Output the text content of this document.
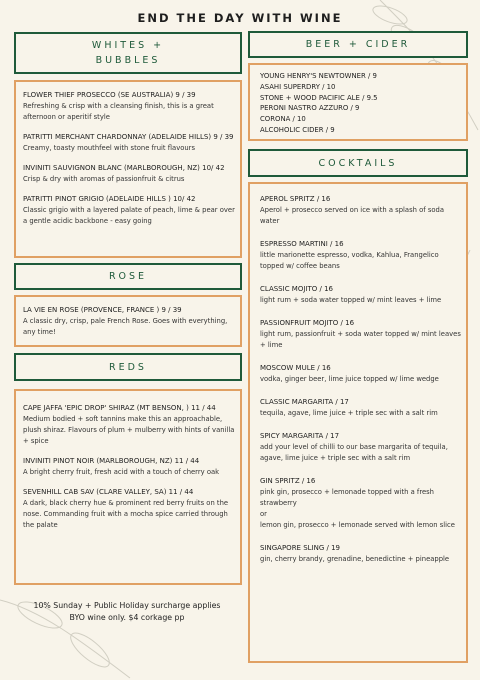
END THE DAY WITH WINE
WHITES +
BUBBLES
FLOWER THIEF PROSECCO (SE AUSTRALIA) 9 / 39
Refreshing & crisp with a cleansing finish, this is a great afternoon or aperitif style
PATRITTI MERCHANT CHARDONNAY (ADELAIDE HILLS) 9 / 39
Creamy, toasty mouthfeel with stone fruit flavours
INVINITI SAUVIGNON BLANC (MARLBOROUGH, NZ) 10/ 42
Crisp & dry with aromas of passionfruit & citrus
PATRITTI PINOT GRIGIO (ADELAIDE HILLS ) 10/ 42
Classic grigio with a layered palate of peach, lime & pear over a gentle acidic backbone - easy going
ROSE
LA VIE EN ROSE (PROVENCE, FRANCE ) 9 / 39
A classic dry, crisp, pale French Rose. Goes with everything, any time!
REDS
CAPE JAFFA 'EPIC DROP' SHIRAZ (MT BENSON, ) 11 / 44
Medium bodied + soft tannins make this an approachable, plush shiraz. Flavours of plum + mulberry with hints of vanilla + spice
INVINITI PINOT NOIR (MARLBOROUGH, NZ) 11 / 44
A bright cherry fruit, fresh acid with a touch of cherry oak
SEVENHILL CAB SAV (CLARE VALLEY, SA) 11 / 44
A dark, black cherry hue & prominent red berry fruits on the nose. Commanding fruit with a mocha spice carried through the palate
10% Sunday + Public Holiday surcharge applies
BYO wine only. $4 corkage pp
BEER + CIDER
YOUNG HENRY'S NEWTOWNER / 9
ASAHI SUPERDRY / 10
STONE + WOOD PACIFIC ALE / 9.5
PERONI NASTRO AZZURO / 9
CORONA / 10
ALCOHOLIC CIDER / 9
COCKTAILS
APEROL SPRITZ / 16
Aperol + prosecco served on ice with a splash of soda water
ESPRESSO MARTINI / 16
little marionette espresso, vodka, Kahlua, Frangelico topped w/ coffee beans
CLASSIC MOJITO / 16
light rum + soda water topped w/ mint leaves + lime
PASSIONFRUIT MOJITO / 16
light rum, passionfruit + soda water topped w/ mint leaves + lime
MOSCOW MULE / 16
vodka, ginger beer, lime juice topped w/ lime wedge
CLASSIC MARGARITA / 17
tequila, agave, lime juice + triple sec with a salt rim
SPICY MARGARITA / 17
add your level of chilli to our base margarita of tequila, agave, lime juice + triple sec with a salt rim
GIN SPRITZ / 16
pink gin, prosecco + lemonade topped with a fresh strawberry
or
lemon gin, prosecco + lemonade served with lemon slice
SINGAPORE SLING / 19
gin, cherry brandy, grenadine, benedictine + pineapple
